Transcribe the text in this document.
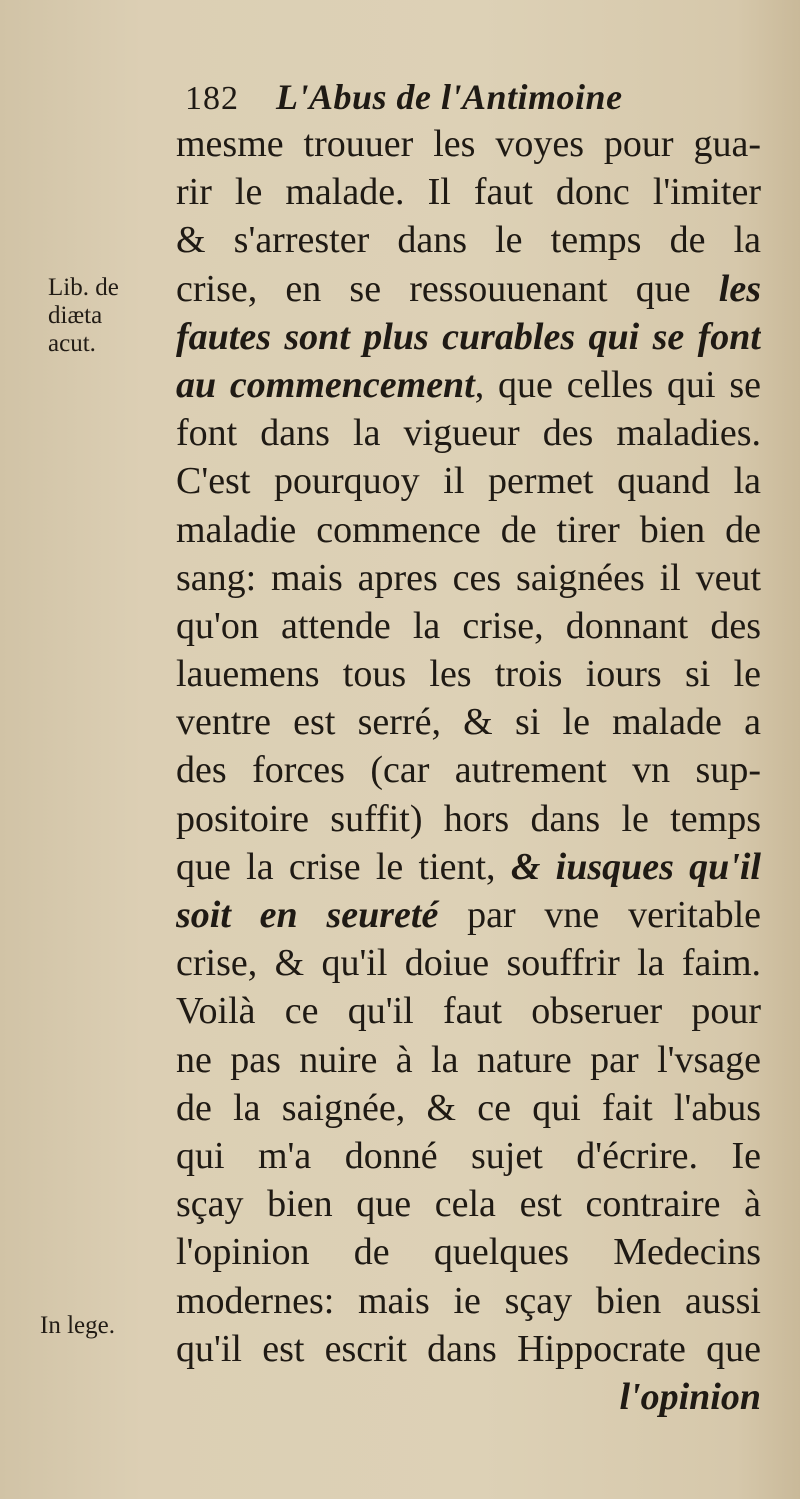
182 L'Abus de l'Antimoine
Lib. de
diæta
acut.
In lege.
mesme trouuer les voyes pour gua-
rir le malade. Il faut donc l'imiter
& s'arrester dans le temps de la
crise, en se ressouuenant que les
fautes sont plus curables qui se font
au commencement, que celles qui se
font dans la vigueur des maladies.
C'est pourquoy il permet quand la
maladie commence de tirer bien de
sang: mais apres ces saignées il veut
qu'on attende la crise, donnant des
lauemens tous les trois iours si le
ventre est serré, & si le malade a
des forces (car autrement vn sup-
positoire suffit) hors dans le temps
que la crise le tient, & iusques qu'il
soit en seureté par vne veritable
crise, & qu'il doiue souffrir la faim.
Voilà ce qu'il faut obseruer pour
ne pas nuire à la nature par l'vsage
de la saignée, & ce qui fait l'abus
qui m'a donné sujet d'écrire. Ie
sçay bien que cela est contraire à
l'opinion de quelques Medecins
modernes: mais ie sçay bien aussi
qu'il est escrit dans Hippocrate que
l'opinion
